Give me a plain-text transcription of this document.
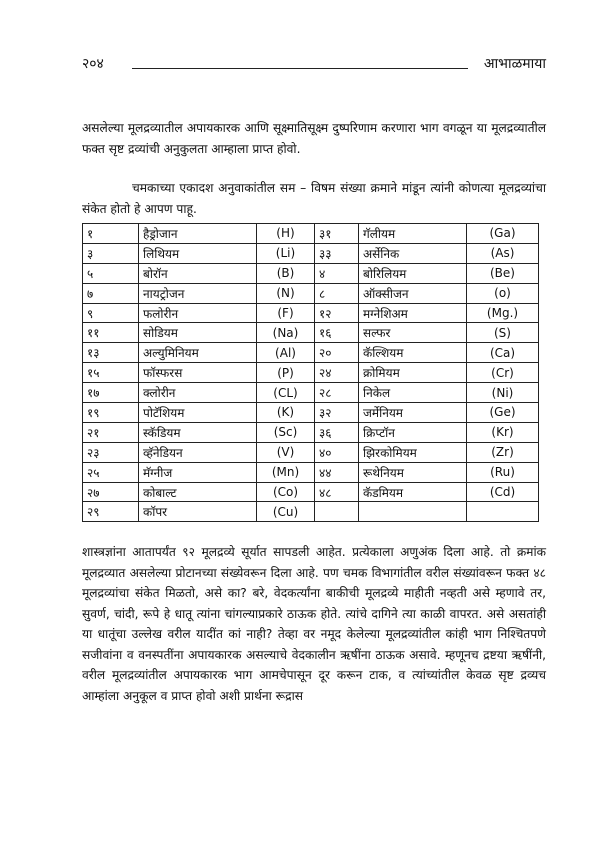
२०४	आभाळमाया

असलेल्या मूलद्रव्यातील अपायकारक आणि सूक्ष्मातिसूक्ष्म दुष्परिणाम करणारा भाग वगळून या मूलद्रव्यातील फक्त सृष्ट द्रव्यांची अनुकुलता आम्हाला प्राप्त होवो.

चमकाच्या एकादश अनुवाकांतील सम – विषम संख्या क्रमाने मांडून त्यांनी कोणत्या मूलद्रव्यांचा संकेत होतो हे आपण पाहू.

१	हैड्रोजान	(H)	३१	गॅलीयम	(Ga)
३	लिथियम	(Li)	३३	अर्सेनिक	(As)
५	बोरॉन	(B)	४	बोरिलियम	(Be)
७	नायट्रोजन	(N)	८	ऑक्सीजन	(o)
९	फलोरीन	(F)	१२	मग्नेशिअम	(Mg.)
११	सोडियम	(Na)	१६	सल्फर	(S)
१३	अल्युमिनियम	(Al)	२०	कॅल्शियम	(Ca)
१५	फॉस्फरस	(P)	२४	क्रोमियम	(Cr)
१७	क्लोरीन	(CL)	२८	निकेल	(Ni)
१९	पोटॅशियम	(K)	३२	जर्मेनियम	(Ge)
२१	स्कॅडियम	(Sc)	३६	क्रिप्टॉन	(Kr)
२३	व्हॅनेडियन	(V)	४०	झिरकोमियम	(Zr)
२५	मॅग्नीज	(Mn)	४४	रूथेनियम	(Ru)
२७	कोबाल्ट	(Co)	४८	कॅडमियम	(Cd)
२९	कॉपर	(Cu)			

शास्त्रज्ञांना आतापर्यंत ९२ मूलद्रव्ये सूर्यात सापडली आहेत. प्रत्येकाला अणुअंक दिला आहे. तो क्रमांक मूलद्रव्यात असलेल्या प्रोटानच्या संख्येवरून दिला आहे. पण चमक विभागांतील वरील संख्यांवरून फक्त ४८ मूलद्रव्यांचा संकेत मिळतो, असे का? बरे, वेदकर्त्यांना बाकीची मूलद्रव्ये माहीती नव्हती असे म्हणावे तर, सुवर्ण, चांदी, रूपे हे धातू त्यांना चांगल्याप्रकारे ठाऊक होते. त्यांचे दागिने त्या काळी वापरत. असे असतांही या धातूंचा उल्लेख वरील यादींत कां नाही? तेव्हा वर नमूद केलेल्या मूलद्रव्यांतील कांही भाग निश्चितपणे सजीवांना व वनस्पतींना अपायकारक असल्याचे वेदकालीन ऋषींना ठाऊक असावे. म्हणूनच द्रष्टया ऋषींनी, वरील मूलद्रव्यांतील अपायकारक भाग आमचेपासून दूर करून टाक, व त्यांच्यांतील केवळ सृष्ट द्रव्यच आम्हांला अनुकूल व प्राप्त होवो अशी प्रार्थना रूद्रास
